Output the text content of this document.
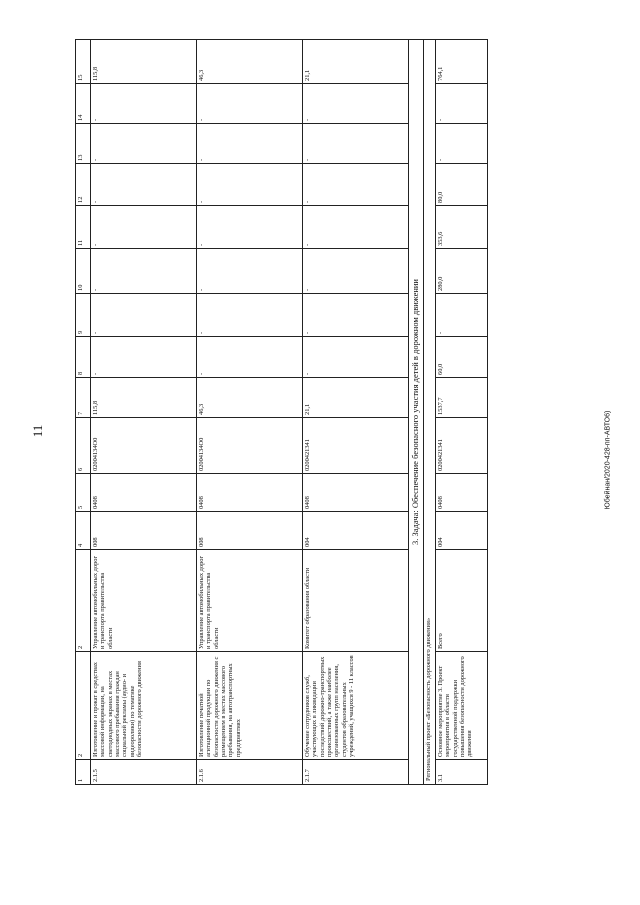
11	Юбейнан/2020-428-пп-АВТО6)
1	2	2	4	5	6	7	8	9	10	11	12	13	14	15
2.1.5	Изготовление и прокат в средствах массовой информации, на светодиодных экранах в местах массового пребывания граждан социальной рекламы (аудио- и видеоролики) по тематике безопасности дорожного движения	Управление автомобильных дорог и транспорта правительства области	008	0408	02004134О0	115,8	-	-	-	-	-	-	-	115,8
2.1.6	Изготовление печатной агитационной продукции по безопасности дорожного движения с размещением в местах массового пребывания, на автотранспортных предприятиях	Управление автомобильных дорог и транспорта правительства области	008	0408	02004134О0	46,3	-	-	-	-	-	-	-	46,3
2.1.7	Обучение сотрудников служб, участвующих в ликвидации последствий дорожно-транспортных происшествий, а также наиболее организованных групп населения, студентов образовательных учреждений, учащихся 9 - 11 классов	Комитет образования области	004	0408	0200421341	21,1	-	-	-	-	-	-	-	21,1
3. Задача: Обеспечение безопасного участия детей в дорожном движении														
Региональный проект «Безопасность дорожного движения»														
3.1	Основное мероприятие 3. Проект мероприятия в области государственной поддержки повышения безопасности дорожного движения	Всего	004	0408	0200421341	1537,7	60,0	-	280,0	353,6	80,0	-	-	764,1
